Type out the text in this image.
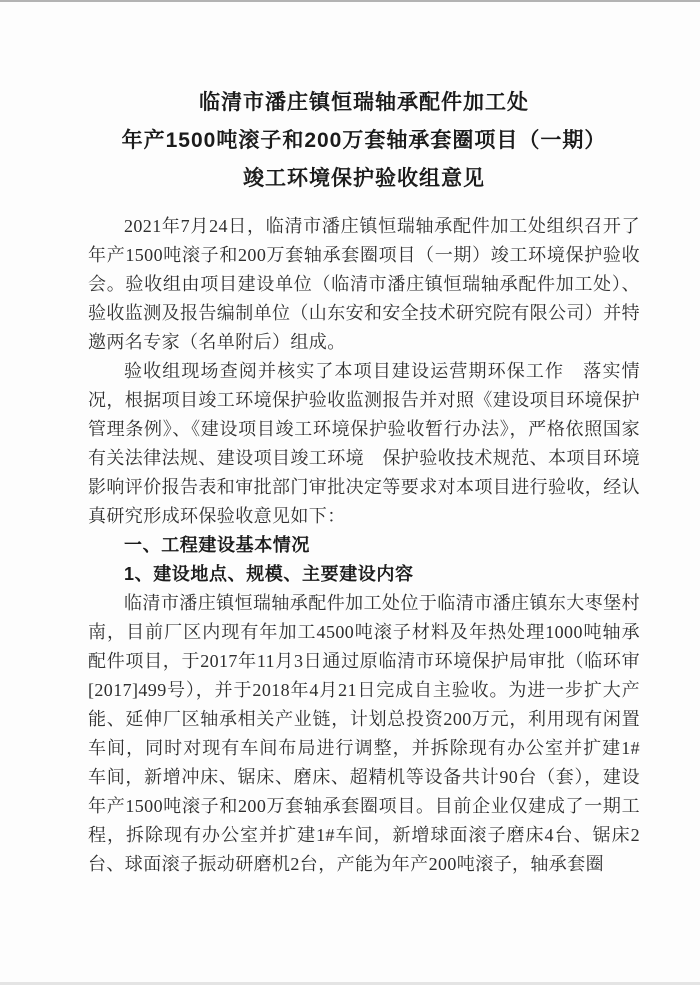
临清市潘庄镇恒瑞轴承配件加工处
年产1500吨滚子和200万套轴承套圈项目（一期）
竣工环境保护验收组意见

2021年7月24日，临清市潘庄镇恒瑞轴承配件加工处组织召开了年产1500吨滚子和200万套轴承套圈项目（一期）竣工环境保护验收会。验收组由项目建设单位（临清市潘庄镇恒瑞轴承配件加工处）、验收监测及报告编制单位（山东安和安全技术研究院有限公司）并特邀两名专家（名单附后）组成。

验收组现场查阅并核实了本项目建设运营期环保工作　落实情况，根据项目竣工环境保护验收监测报告并对照《建设项目环境保护管理条例》、《建设项目竣工环境保护验收暂行办法》，严格依照国家有关法律法规、建设项目竣工环境　保护验收技术规范、本项目环境影响评价报告表和审批部门审批决定等要求对本项目进行验收，经认真研究形成环保验收意见如下：

一、工程建设基本情况
1、建设地点、规模、主要建设内容

临清市潘庄镇恒瑞轴承配件加工处位于临清市潘庄镇东大枣堡村南，目前厂区内现有年加工4500吨滚子材料及年热处理1000吨轴承配件项目，于2017年11月3日通过原临清市环境保护局审批（临环审[2017]499号），并于2018年4月21日完成自主验收。为进一步扩大产能、延伸厂区轴承相关产业链，计划总投资200万元，利用现有闲置车间，同时对现有车间布局进行调整，并拆除现有办公室并扩建1#车间，新增冲床、锯床、磨床、超精机等设备共计90台（套），建设年产1500吨滚子和200万套轴承套圈项目。目前企业仅建成了一期工程，拆除现有办公室并扩建1#车间，新增球面滚子磨床4台、锯床2台、球面滚子振动研磨机2台，产能为年产200吨滚子，轴承套圈
